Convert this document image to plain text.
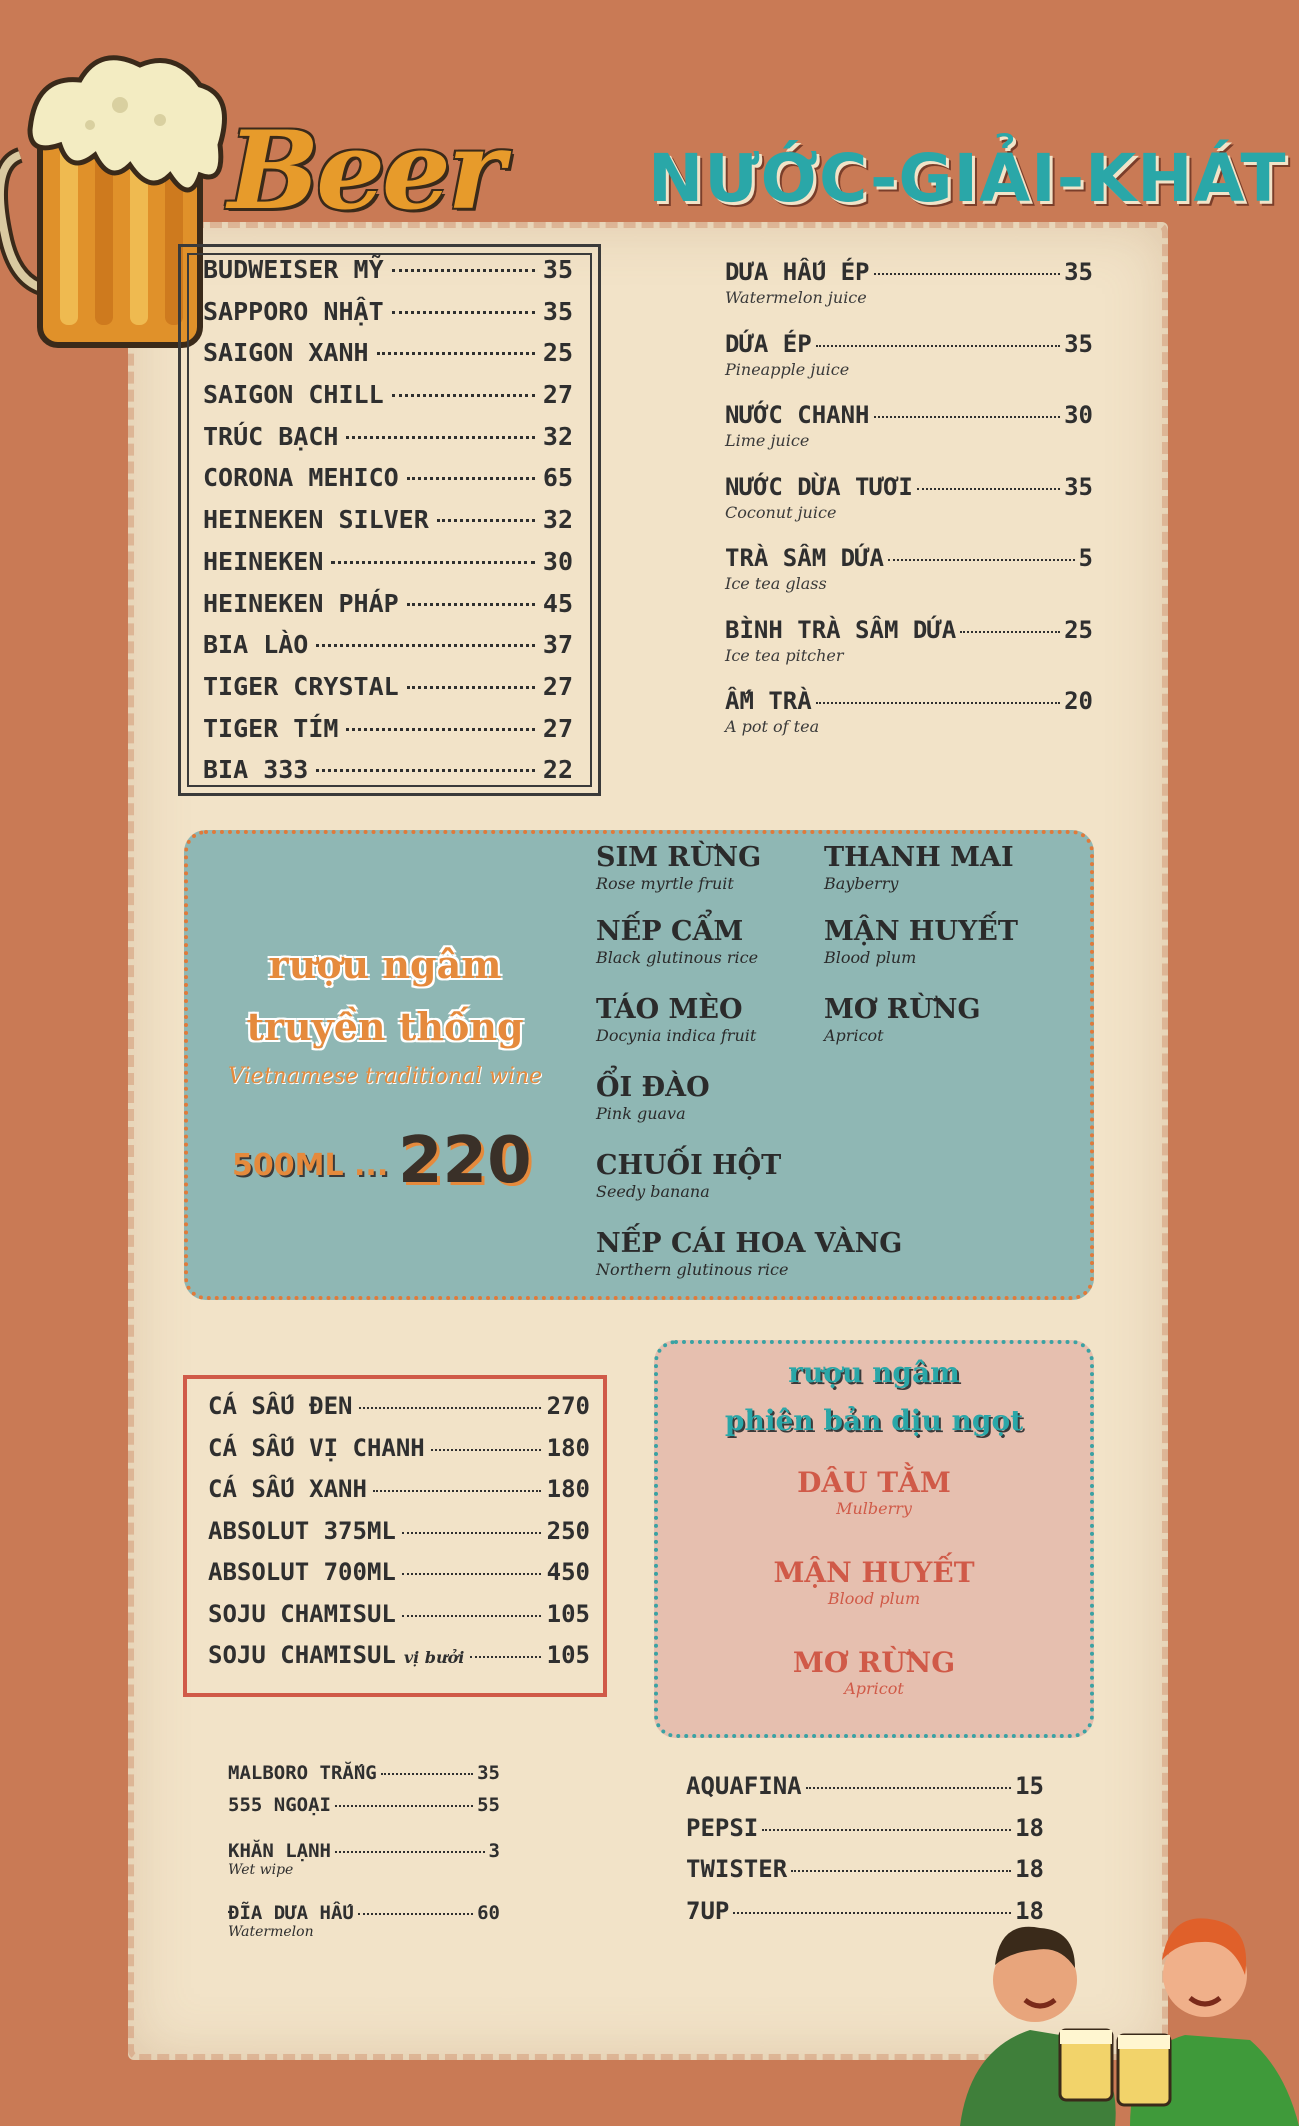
Beer NƯỚC-GIẢI-KHÁT
BUDWEISER MỸ	35
SAPPORO NHẬT	35
SAIGON XANH	25
SAIGON CHILL	27
TRÚC BẠCH	32
CORONA MEHICO	65
HEINEKEN SILVER	32
HEINEKEN	30
HEINEKEN PHÁP	45
BIA LÀO	37
TIGER CRYSTAL	27
TIGER TÍM	27
BIA 333	22
DƯA HẤU ÉP	35
Watermelon juice
DỨA ÉP	35
Pineapple juice
NƯỚC CHANH	30
Lime juice
NƯỚC DỪA TƯƠI	35
Coconut juice
TRÀ SÂM DỨA	5
Ice tea glass
BÌNH TRÀ SÂM DỨA	25
Ice tea pitcher
ẤM TRÀ	20
A pot of tea
rượu ngâm
truyền thống
Vietnamese traditional wine
500ML ... 220
SIM RỪNG
Rose myrtle fruit
THANH MAI
Bayberry
NẾP CẨM
Black glutinous rice
MẬN HUYẾT
Blood plum
TÁO MÈO
Docynia indica fruit
MƠ RỪNG
Apricot
ỔI ĐÀO
Pink guava
CHUỐI HỘT
Seedy banana
NẾP CÁI HOA VÀNG
Northern glutinous rice
CÁ SẤU ĐEN	270
CÁ SẤU VỊ CHANH	180
CÁ SẤU XANH	180
ABSOLUT 375ML	250
ABSOLUT 700ML	450
SOJU CHAMISUL	105
SOJU CHAMISUL vị bưởi	105
rượu ngâm
phiên bản dịu ngọt
DÂU TẰM
Mulberry
MẬN HUYẾT
Blood plum
MƠ RỪNG
Apricot
MALBORO TRẮNG	35
555 NGOẠI	55
KHĂN LẠNH	3
Wet wipe
ĐĨA DƯA HẤU	60
Watermelon
AQUAFINA	15
PEPSI	18
TWISTER	18
7UP	18
